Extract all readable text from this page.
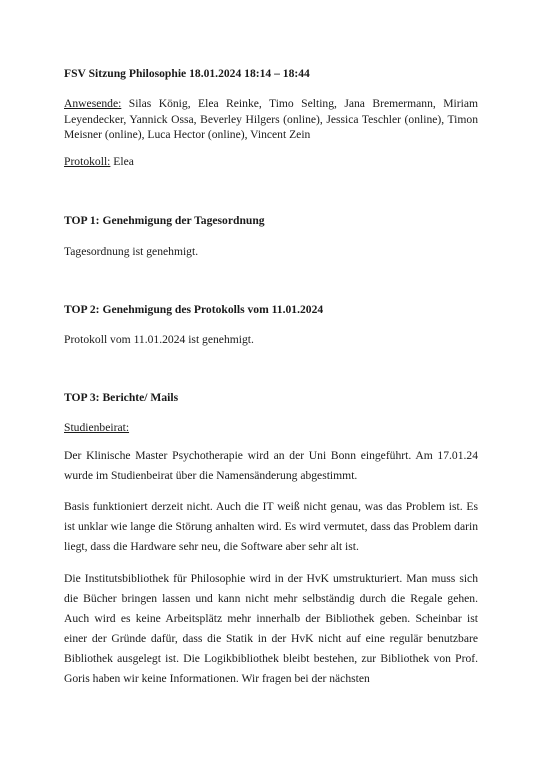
FSV Sitzung Philosophie 18.01.2024 18:14 – 18:44
Anwesende: Silas König, Elea Reinke, Timo Selting, Jana Bremermann, Miriam Leyendecker, Yannick Ossa, Beverley Hilgers (online), Jessica Teschler (online), Timon Meisner (online), Luca Hector (online), Vincent Zein
Protokoll: Elea
TOP 1: Genehmigung der Tagesordnung
Tagesordnung ist genehmigt.
TOP 2: Genehmigung des Protokolls vom 11.01.2024
Protokoll vom 11.01.2024 ist genehmigt.
TOP 3: Berichte/ Mails
Studienbeirat:
Der Klinische Master Psychotherapie wird an der Uni Bonn eingeführt. Am 17.01.24 wurde im Studienbeirat über die Namensänderung abgestimmt.
Basis funktioniert derzeit nicht. Auch die IT weiß nicht genau, was das Problem ist. Es ist unklar wie lange die Störung anhalten wird. Es wird vermutet, dass das Problem darin liegt, dass die Hardware sehr neu, die Software aber sehr alt ist.
Die Institutsbibliothek für Philosophie wird in der HvK umstrukturiert. Man muss sich die Bücher bringen lassen und kann nicht mehr selbständig durch die Regale gehen. Auch wird es keine Arbeitsplätz mehr innerhalb der Bibliothek geben. Scheinbar ist einer der Gründe dafür, dass die Statik in der HvK nicht auf eine regulär benutzbare Bibliothek ausgelegt ist. Die Logikbibliothek bleibt bestehen, zur Bibliothek von Prof. Goris haben wir keine Informationen. Wir fragen bei der nächsten
